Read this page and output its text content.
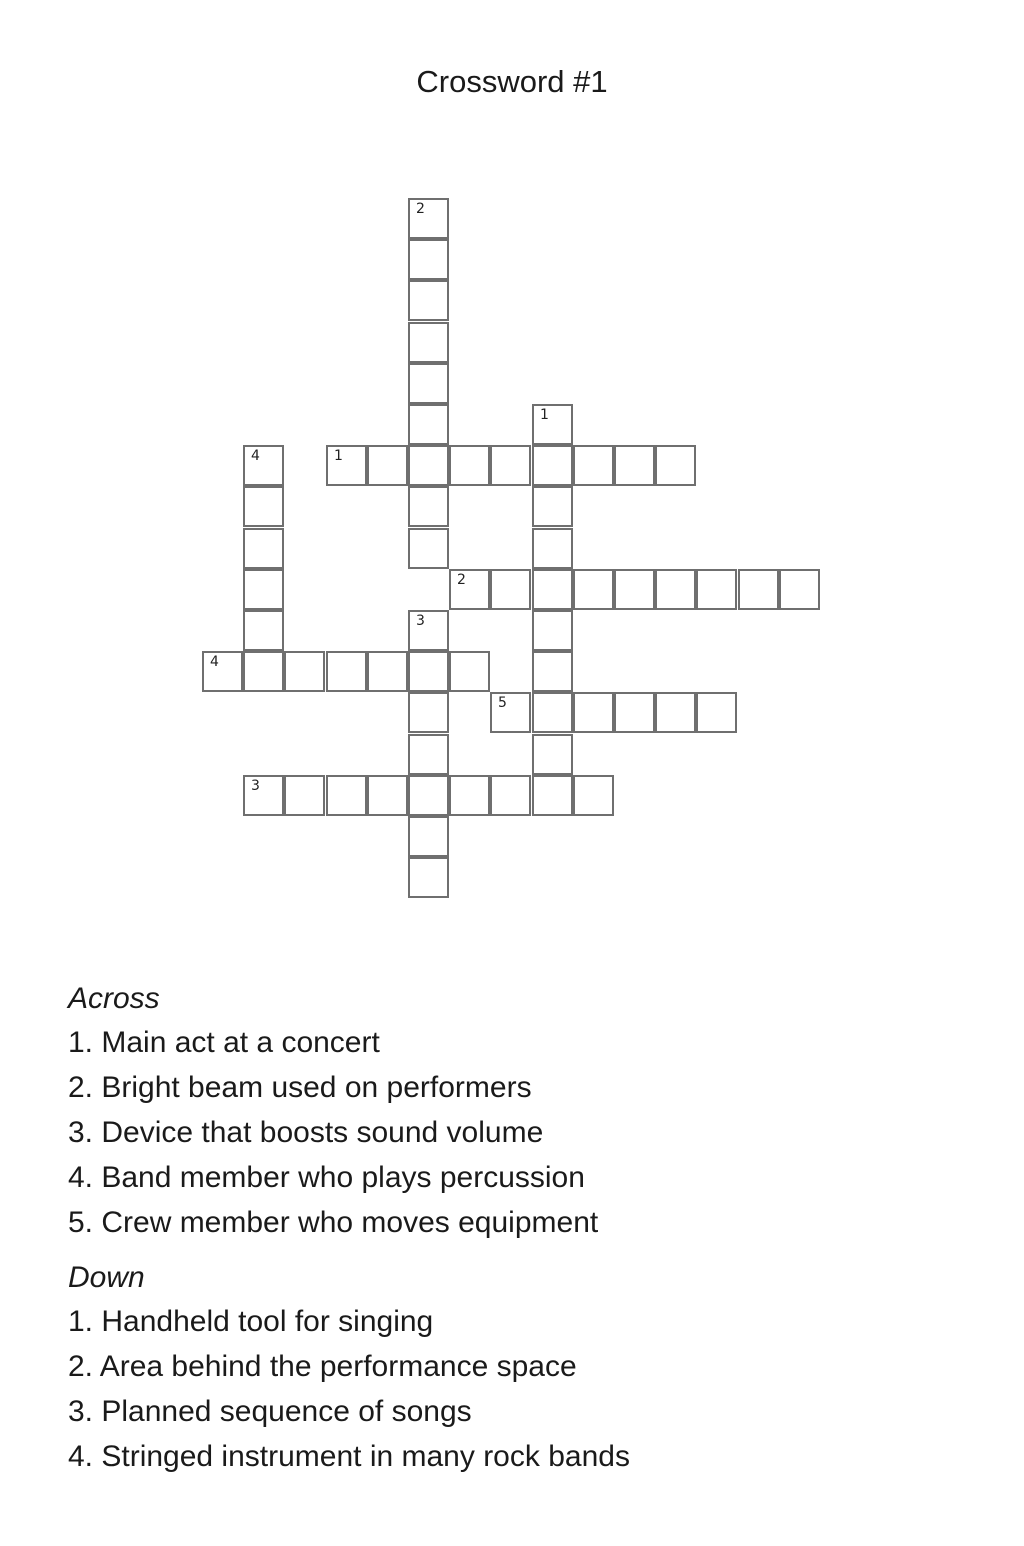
Crossword #1
1
2
3
4
5
1
2
3
4
Across
1. Main act at a concert
2. Bright beam used on performers
3. Device that boosts sound volume
4. Band member who plays percussion
5. Crew member who moves equipment
Down
1. Handheld tool for singing
2. Area behind the performance space
3. Planned sequence of songs
4. Stringed instrument in many rock bands
